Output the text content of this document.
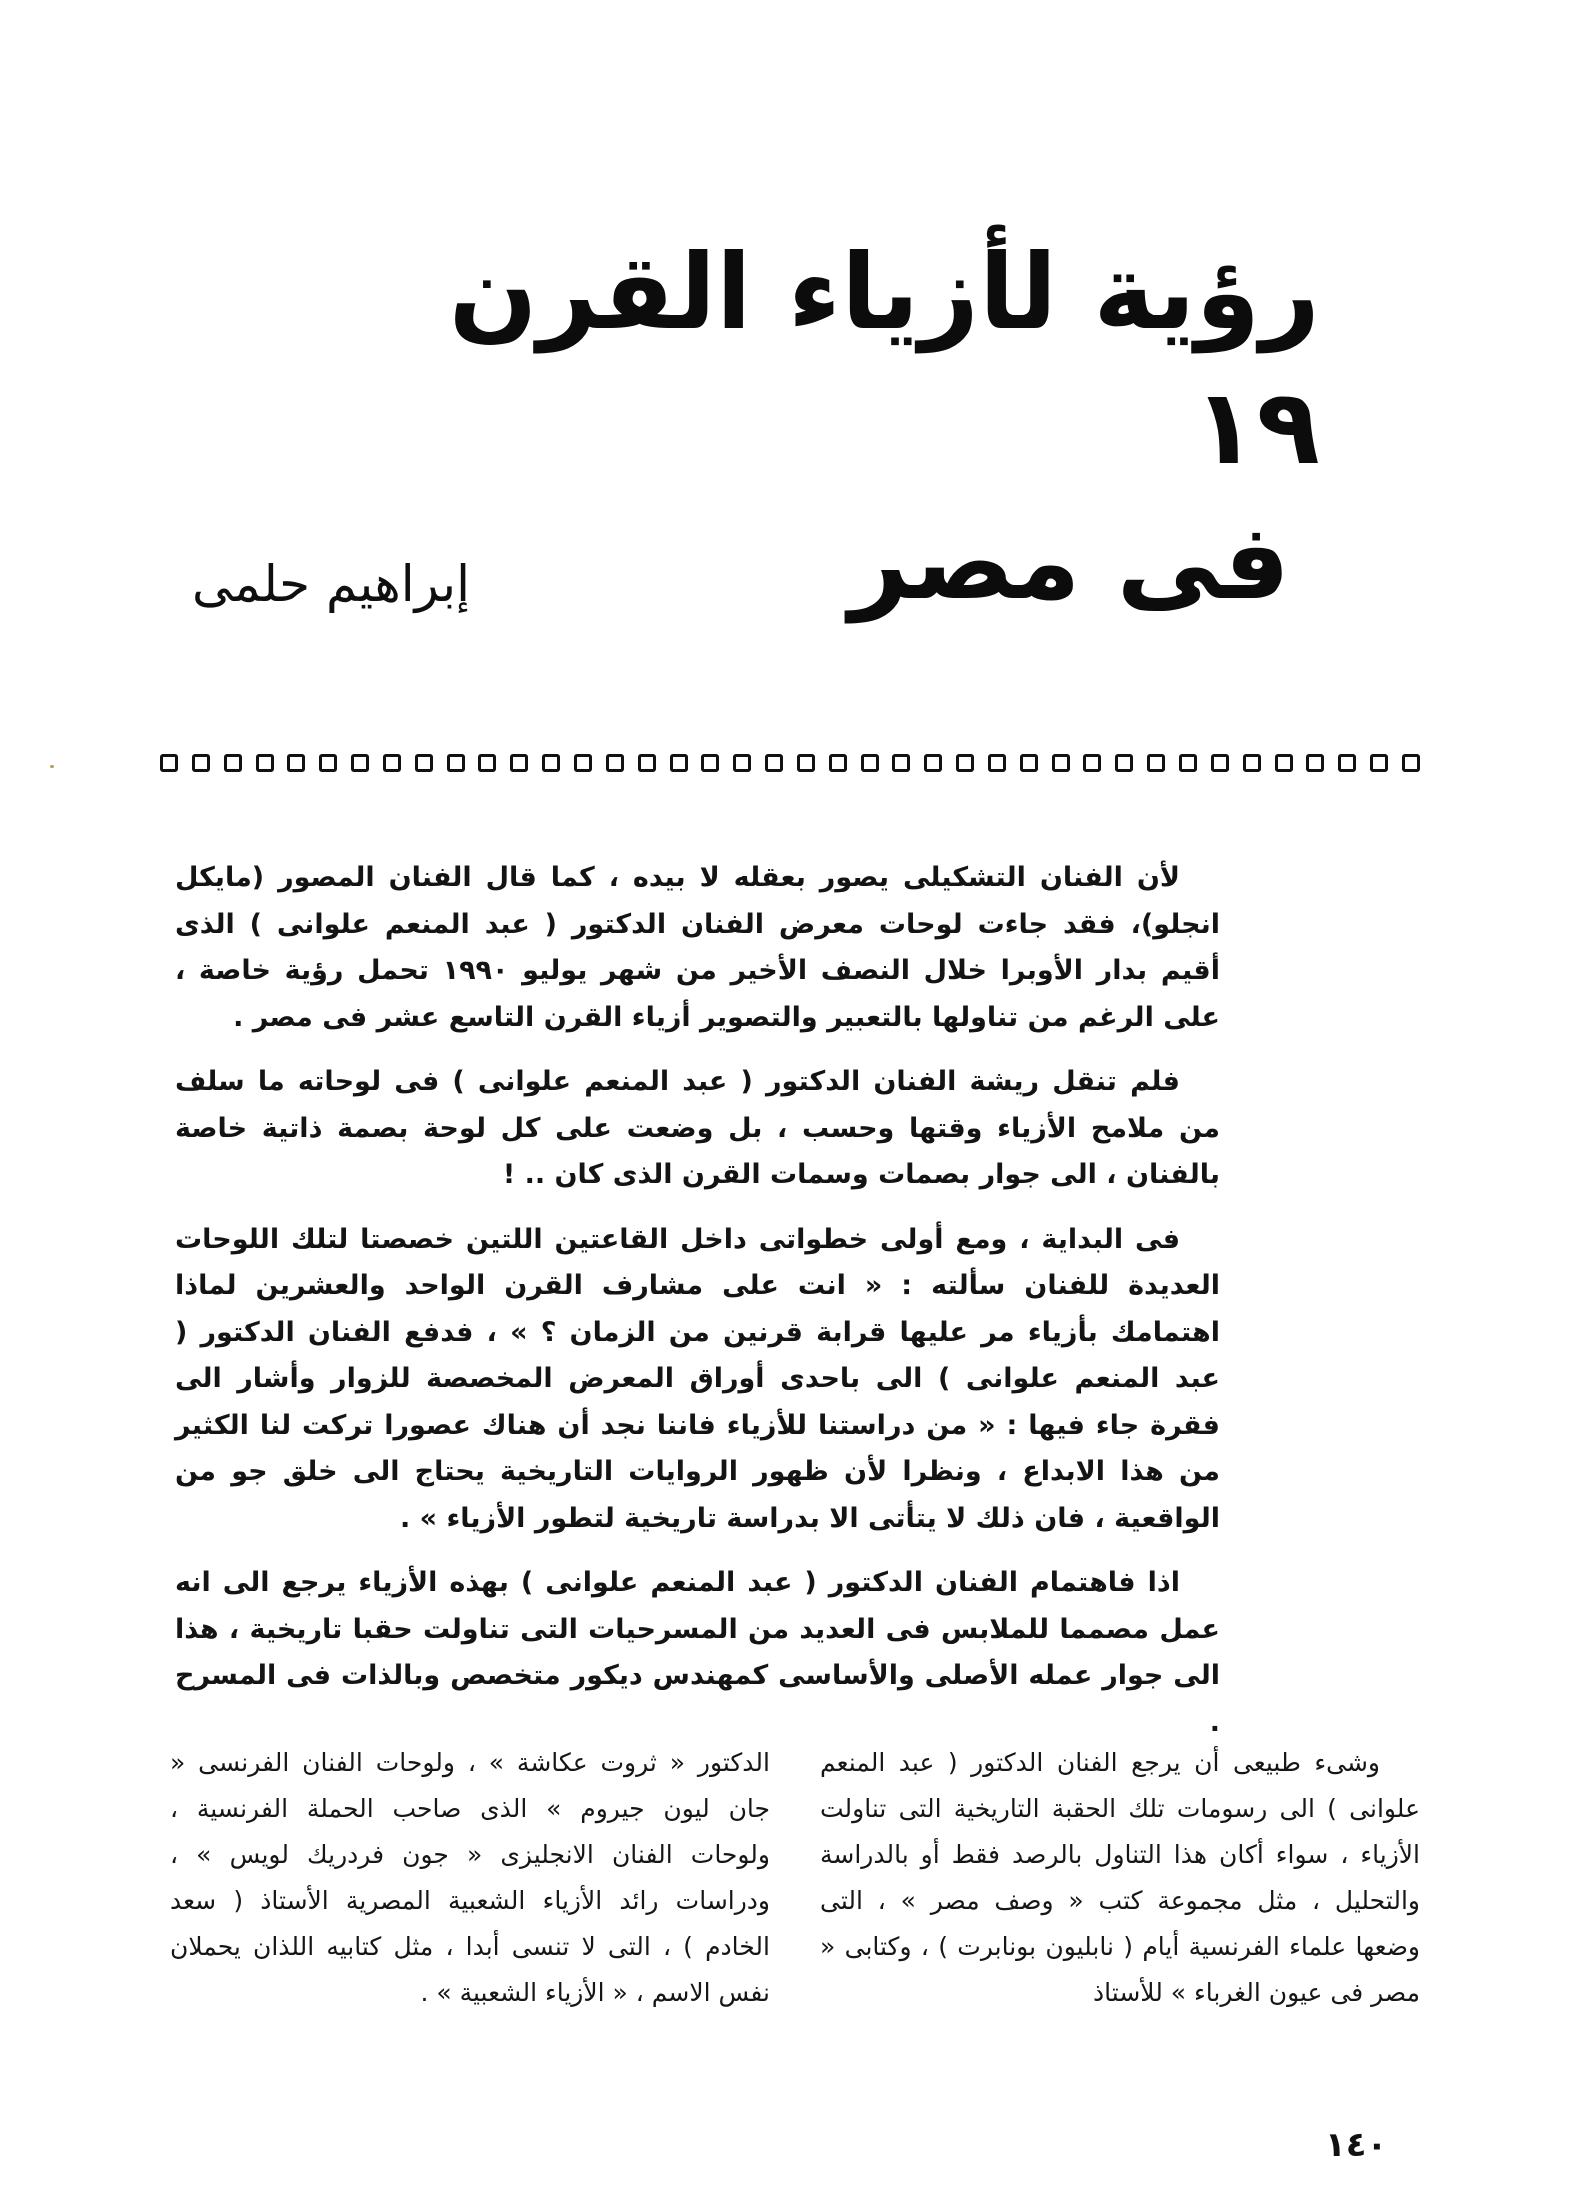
رؤية لأزياء القرن ١٩
فى مصر
إبراهيم حلمى

لأن الفنان التشكيلى يصور بعقله لا بيده ، كما قال الفنان المصور (مايكل انجلو)، فقد جاءت لوحات معرض الفنان الدكتور ( عبد المنعم علوانى ) الذى أقيم بدار الأوبرا خلال النصف الأخير من شهر يوليو ١٩٩٠ تحمل رؤية خاصة ، على الرغم من تناولها بالتعبير والتصوير أزياء القرن التاسع عشر فى مصر .

فلم تنقل ريشة الفنان الدكتور ( عبد المنعم علوانى ) فى لوحاته ما سلف من ملامح الأزياء وقتها وحسب ، بل وضعت على كل لوحة بصمة ذاتية خاصة بالفنان ، الى جوار بصمات وسمات القرن الذى كان .. !

فى البداية ، ومع أولى خطواتى داخل القاعتين اللتين خصصتا لتلك اللوحات العديدة للفنان سألته : « انت على مشارف القرن الواحد والعشرين لماذا اهتمامك بأزياء مر عليها قرابة قرنين من الزمان ؟ » ، فدفع الفنان الدكتور ( عبد المنعم علوانى ) الى باحدى أوراق المعرض المخصصة للزوار وأشار الى فقرة جاء فيها : « من دراستنا للأزياء فاننا نجد أن هناك عصورا تركت لنا الكثير من هذا الابداع ، ونظرا لأن ظهور الروايات التاريخية يحتاج الى خلق جو من الواقعية ، فان ذلك لا يتأتى الا بدراسة تاريخية لتطور الأزياء » .

اذا فاهتمام الفنان الدكتور ( عبد المنعم علوانى ) بهذه الأزياء يرجع الى انه عمل مصمما للملابس فى العديد من المسرحيات التى تناولت حقبا تاريخية ، هذا الى جوار عمله الأصلى والأساسى كمهندس ديكور متخصص وبالذات فى المسرح .

وشىء طبيعى أن يرجع الفنان الدكتور ( عبد المنعم علوانى ) الى رسومات تلك الحقبة التاريخية التى تناولت الأزياء ، سواء أكان هذا التناول بالرصد فقط أو بالدراسة والتحليل ، مثل مجموعة كتب « وصف مصر » ، التى وضعها علماء الفرنسية أيام ( نابليون بونابرت ) ، وكتابى « مصر فى عيون الغرباء » للأستاذ

الدكتور « ثروت عكاشة » ، ولوحات الفنان الفرنسى « جان ليون جيروم » الذى صاحب الحملة الفرنسية ، ولوحات الفنان الانجليزى « جون فردريك لويس » ، ودراسات رائد الأزياء الشعبية المصرية الأستاذ ( سعد الخادم ) ، التى لا تنسى أبدا ، مثل كتابيه اللذان يحملان نفس الاسم ، « الأزياء الشعبية » .

١٤٠
